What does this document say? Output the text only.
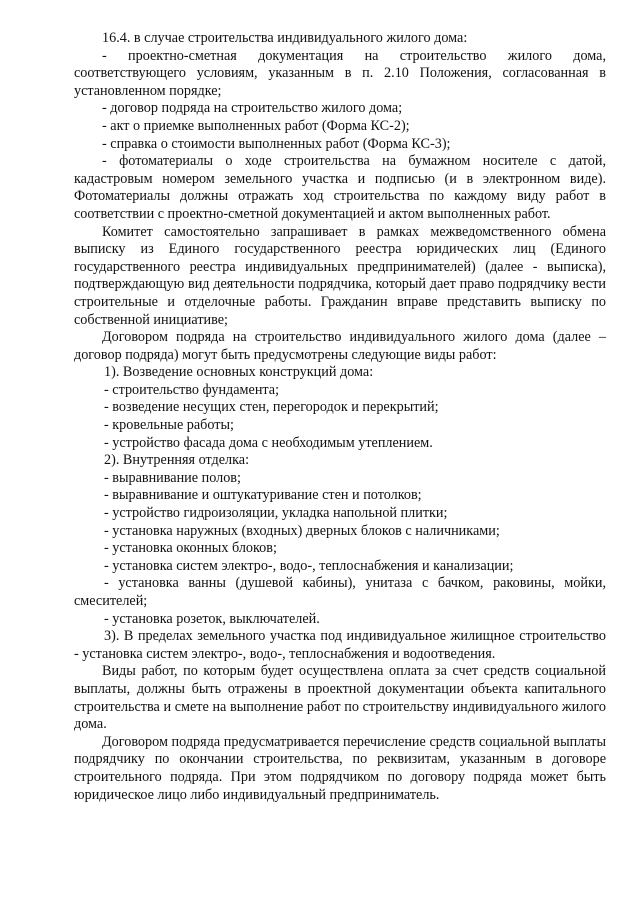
16.4. в случае строительства индивидуального жилого дома:

- проектно-сметная документация на строительство жилого дома, соответствующего условиям, указанным в п. 2.10 Положения, согласованная в установленном порядке;

- договор подряда на строительство жилого дома;

- акт о приемке выполненных работ (Форма КС-2);

- справка о стоимости выполненных работ (Форма КС-3);

- фотоматериалы о ходе строительства на бумажном носителе с датой, кадастровым номером земельного участка и подписью (и в электронном виде). Фотоматериалы должны отражать ход строительства по каждому виду работ в соответствии с проектно-сметной документацией и актом выполненных работ.

Комитет самостоятельно запрашивает в рамках межведомственного обмена выписку из Единого государственного реестра юридических лиц (Единого государственного реестра индивидуальных предпринимателей) (далее - выписка), подтверждающую вид деятельности подрядчика, который дает право подрядчику вести строительные и отделочные работы. Гражданин вправе представить выписку по собственной инициативе;

Договором подряда на строительство индивидуального жилого дома (далее – договор подряда) могут быть предусмотрены следующие виды работ:

1). Возведение основных конструкций дома:

- строительство фундамента;

- возведение несущих стен, перегородок и перекрытий;

- кровельные работы;

- устройство фасада дома с необходимым утеплением.

2). Внутренняя отделка:

- выравнивание полов;

- выравнивание и оштукатуривание стен и потолков;

- устройство гидроизоляции, укладка напольной плитки;

- установка наружных (входных) дверных блоков с наличниками;

- установка оконных блоков;

- установка систем электро-, водо-, теплоснабжения и канализации;

- установка ванны (душевой кабины), унитаза с бачком, раковины, мойки, смесителей;

- установка розеток, выключателей.

3). В пределах земельного участка под индивидуальное жилищное строительство - установка систем электро-, водо-, теплоснабжения и водоотведения.

Виды работ, по которым будет осуществлена оплата за счет средств социальной выплаты, должны быть отражены в проектной документации объекта капитального строительства и смете на выполнение работ по строительству индивидуального жилого дома.

Договором подряда предусматривается перечисление средств социальной выплаты подрядчику по окончании строительства, по реквизитам, указанным в договоре строительного подряда. При этом подрядчиком по договору подряда может быть юридическое лицо либо индивидуальный предприниматель.
